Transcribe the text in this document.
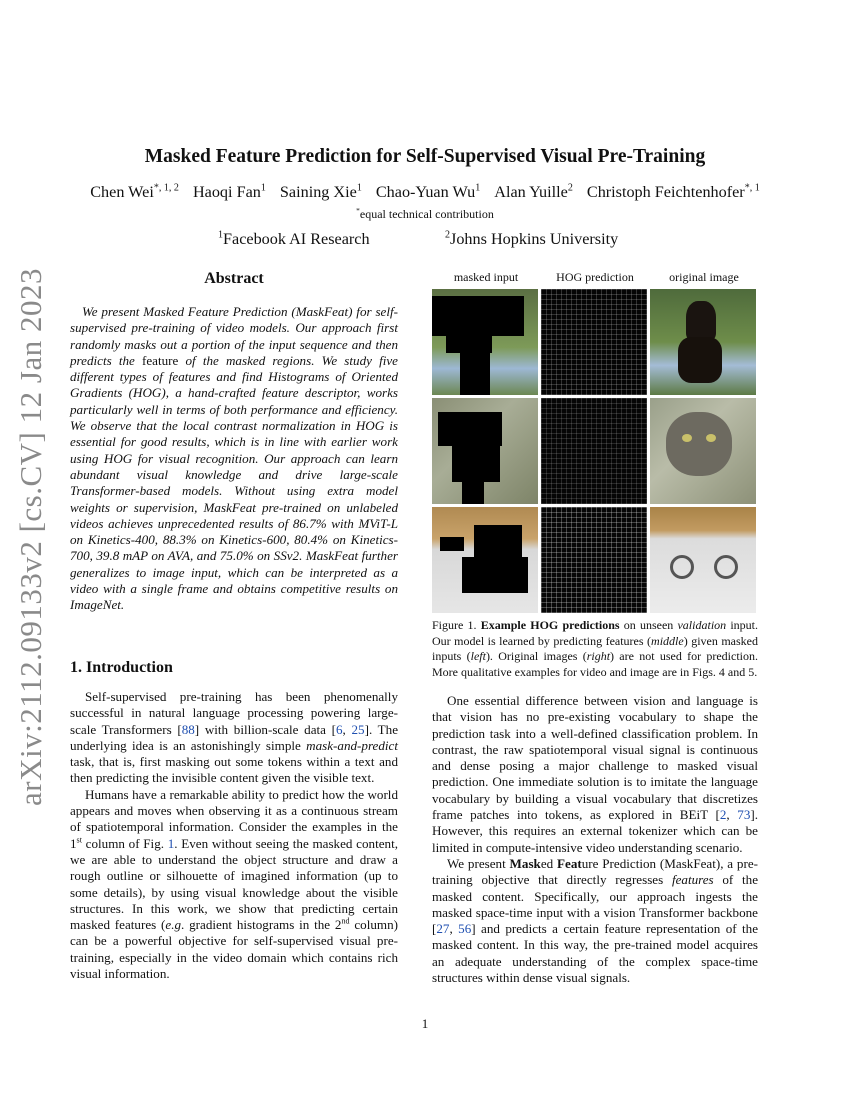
arXiv:2112.09133v2 [cs.CV] 12 Jan 2023
Masked Feature Prediction for Self-Supervised Visual Pre-Training
Chen Wei$^{*, 1, 2}$ Haoqi Fan$^1$ Saining Xie$^1$ Chao-Yuan Wu$^1$ Alan Yuille$^2$ Christoph Feichtenhofer$^{*, 1}$
*equal technical contribution
$^1$Facebook AI Research	$^2$Johns Hopkins University
Abstract
We present Masked Feature Prediction (MaskFeat) for self-supervised pre-training of video models. Our approach first randomly masks out a portion of the input sequence and then predicts the feature of the masked regions. We study five different types of features and find Histograms of Oriented Gradients (HOG), a hand-crafted feature descriptor, works particularly well in terms of both performance and efficiency. We observe that the local contrast normalization in HOG is essential for good results, which is in line with earlier work using HOG for visual recognition. Our approach can learn abundant visual knowledge and drive large-scale Transformer-based models. Without using extra model weights or supervision, MaskFeat pre-trained on unlabeled videos achieves unprecedented results of 86.7% with MViT-L on Kinetics-400, 88.3% on Kinetics-600, 80.4% on Kinetics-700, 39.8 mAP on AVA, and 75.0% on SSv2. MaskFeat further generalizes to image input, which can be interpreted as a video with a single frame and obtains competitive results on ImageNet.
masked input	HOG prediction	original image
Figure 1. Example HOG predictions on unseen validation input. Our model is learned by predicting features (middle) given masked inputs (left). Original images (right) are not used for prediction. More qualitative examples for video and image are in Figs. 4 and 5.
1. Introduction

Self-supervised pre-training has been phenomenally successful in natural language processing powering large-scale Transformers [88] with billion-scale data [6, 25]. The underlying idea is an astonishingly simple mask-and-predict task, that is, first masking out some tokens within a text and then predicting the invisible content given the visible text.

Humans have a remarkable ability to predict how the world appears and moves when observing it as a continuous stream of spatiotemporal information. Consider the examples in the 1st column of Fig. 1. Even without seeing the masked content, we are able to understand the object structure and draw a rough outline or silhouette of imagined information (up to some details), by using visual knowledge about the visible structures. In this work, we show that predicting certain masked features (e.g. gradient histograms in the 2nd column) can be a powerful objective for self-supervised visual pre-training, especially in the video domain which contains rich visual information.

One essential difference between vision and language is that vision has no pre-existing vocabulary to shape the prediction task into a well-defined classification problem. In contrast, the raw spatiotemporal visual signal is continuous and dense posing a major challenge to masked visual prediction. One immediate solution is to imitate the language vocabulary by building a visual vocabulary that discretizes frame patches into tokens, as explored in BEiT [2, 73]. However, this requires an external tokenizer which can be limited in compute-intensive video understanding scenario.

We present Masked Feature Prediction (MaskFeat), a pre-training objective that directly regresses features of the masked content. Specifically, our approach ingests the masked space-time input with a vision Transformer backbone [27, 56] and predicts a certain feature representation of the masked content. In this way, the pre-trained model acquires an adequate understanding of the complex space-time structures within dense visual signals.

1
